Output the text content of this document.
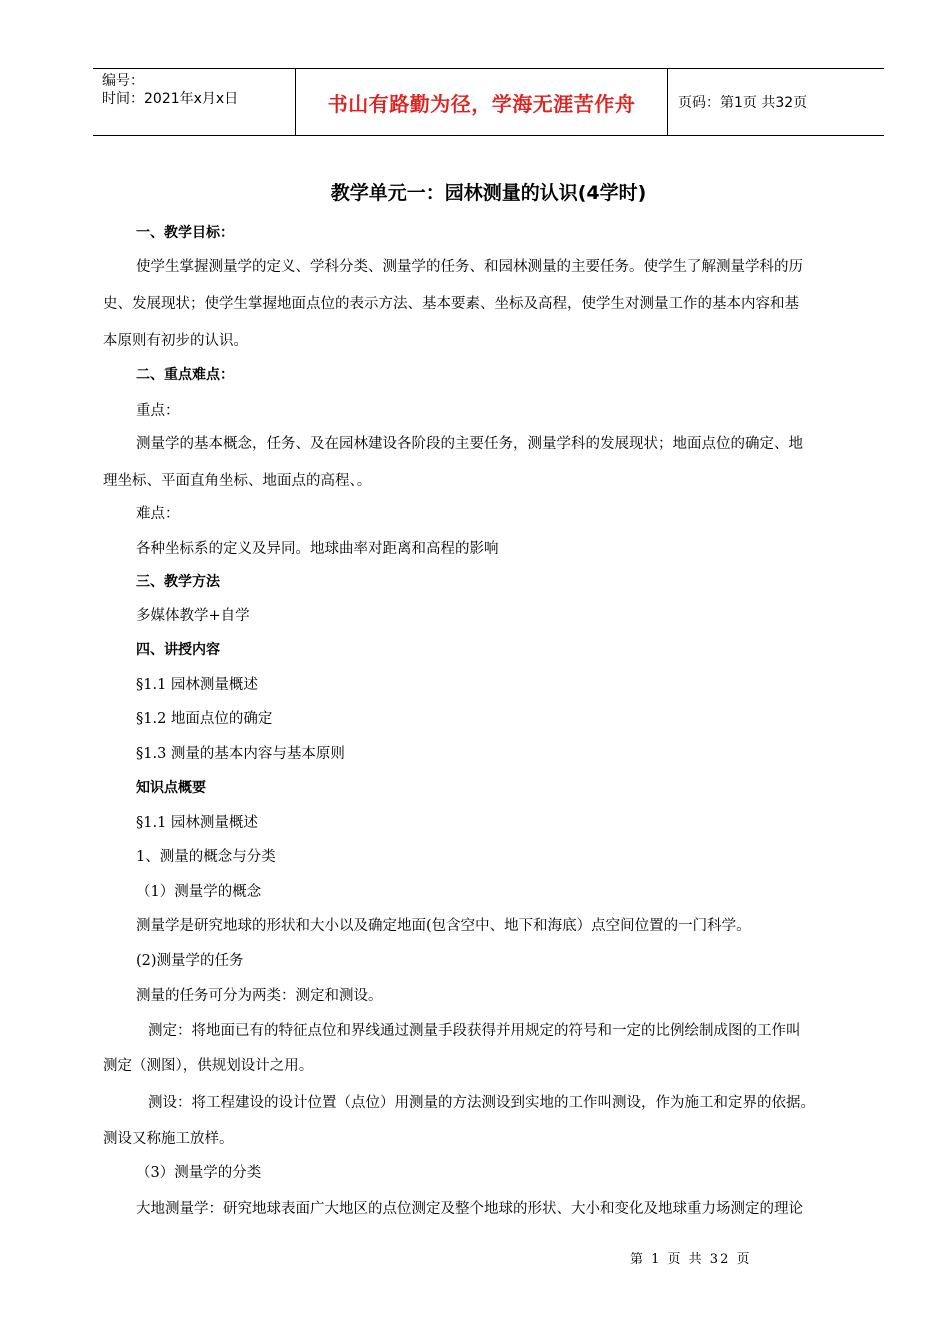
编号：
时间：2021年x月x日	书山有路勤为径，学海无涯苦作舟	页码：第1页 共32页
教学单元一：园林测量的认识(4学时)
一、教学目标：
使学生掌握测量学的定义、学科分类、测量学的任务、和园林测量的主要任务。使学生了解测量学科的历
史、发展现状；使学生掌握地面点位的表示方法、基本要素、坐标及高程，使学生对测量工作的基本内容和基
本原则有初步的认识。
二、重点难点：
重点：
测量学的基本概念，任务、及在园林建设各阶段的主要任务，测量学科的发展现状；地面点位的确定、地
理坐标、平面直角坐标、地面点的高程、。
难点：
各种坐标系的定义及异同。地球曲率对距离和高程的影响
三、教学方法
多媒体教学+自学
四、讲授内容
§1.1 园林测量概述
§1.2 地面点位的确定
§1.3 测量的基本内容与基本原则
知识点概要
§1.1 园林测量概述
1、测量的概念与分类
（1）测量学的概念
测量学是研究地球的形状和大小以及确定地面(包含空中、地下和海底）点空间位置的一门科学。
(2)测量学的任务
测量的任务可分为两类：测定和测设。
测定：将地面已有的特征点位和界线通过测量手段获得并用规定的符号和一定的比例绘制成图的工作叫
测定（测图），供规划设计之用。
测设：将工程建设的设计位置（点位）用测量的方法测设到实地的工作叫测设，作为施工和定界的依据。
测设又称施工放样。
（3）测量学的分类
大地测量学：研究地球表面广大地区的点位测定及整个地球的形状、大小和变化及地球重力场测定的理论
第 1 页 共 32 页
